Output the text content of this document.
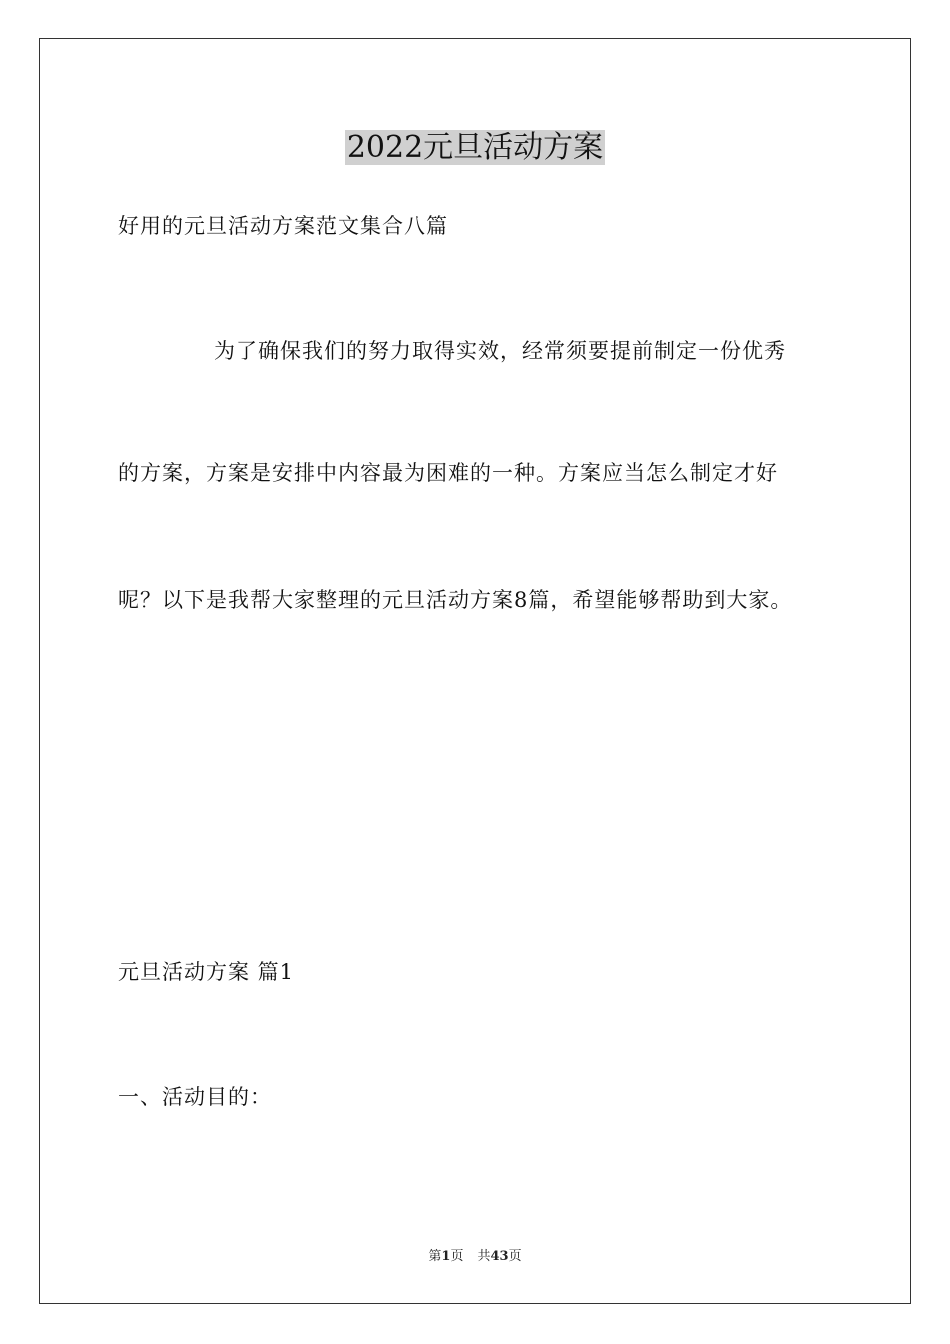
2022元旦活动方案

好用的元旦活动方案范文集合八篇

为了确保我们的努力取得实效，经常须要提前制定一份优秀

的方案，方案是安排中内容最为困难的一种。方案应当怎么制定才好

呢？以下是我帮大家整理的元旦活动方案8篇，希望能够帮助到大家。

元旦活动方案 篇1

一、活动目的：

第1页 共43页
